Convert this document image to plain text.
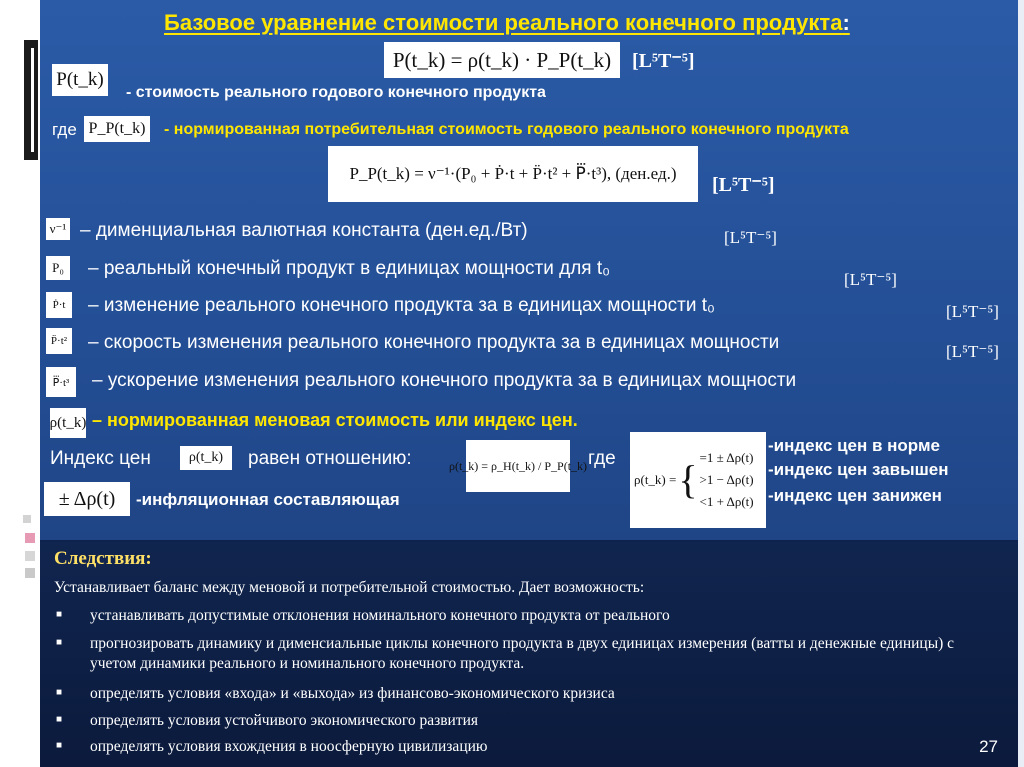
Базовое уравнение стоимости реального конечного продукта:
P(t_k) = ρ(t_k) · P_P(t_k)	[L⁵T⁻⁵]
P(t_k)
- стоимость реального годового конечного продукта
где P_P(t_k) - нормированная потребительная стоимость годового реального конечного продукта
P_P(t_k) = ν⁻¹·(P₀ + Ṗ·t + P̈·t² + P⃛·t³), (ден.ед.)
[L⁵T⁻⁵]
ν⁻¹ – дименциальная валютная константа (ден.ед./Вт)	[L⁵T⁻⁵]
P₀	– реальный конечный продукт в единицах мощности для t₀
[L⁵T⁻⁵]
Ṗ·t	– изменение реального конечного продукта за в единицах мощности t₀	[L⁵T⁻⁵]
P̈·t² – скорость изменения реального конечного продукта за в единицах мощности	[L⁵T⁻⁵]
P⃛·t³	– ускорение изменения реального конечного продукта за в единицах мощности
ρ(t_k) – нормированная меновая стоимость или индекс цен.
Индекс цен	ρ(t_k)	равен отношению:	ρ(t_k) = ρ_H(t_k) / P_P(t_k) где
ρ(t_k) = { =1 ± Δρ(t)
>1 − Δρ(t)
<1 + Δρ(t)
-индекс цен в норме
-индекс цен завышен
-индекс цен занижен
± Δρ(t)	-инфляционная составляющая
Следствия:
Устанавливает баланс между меновой и потребительной стоимостью. Дает возможность:
■ устанавливать допустимые отклонения номинального конечного продукта от реального
■ прогнозировать динамику и дименсиальные циклы конечного продукта в двух единицах измерения (ватты и денежные единицы) с учетом динамики реального и номинального конечного продукта.
■ определять условия «входа» и «выхода» из финансово-экономического кризиса
■ определять условия устойчивого экономического развития
■ определять условия вхождения в ноосферную цивилизацию	27
